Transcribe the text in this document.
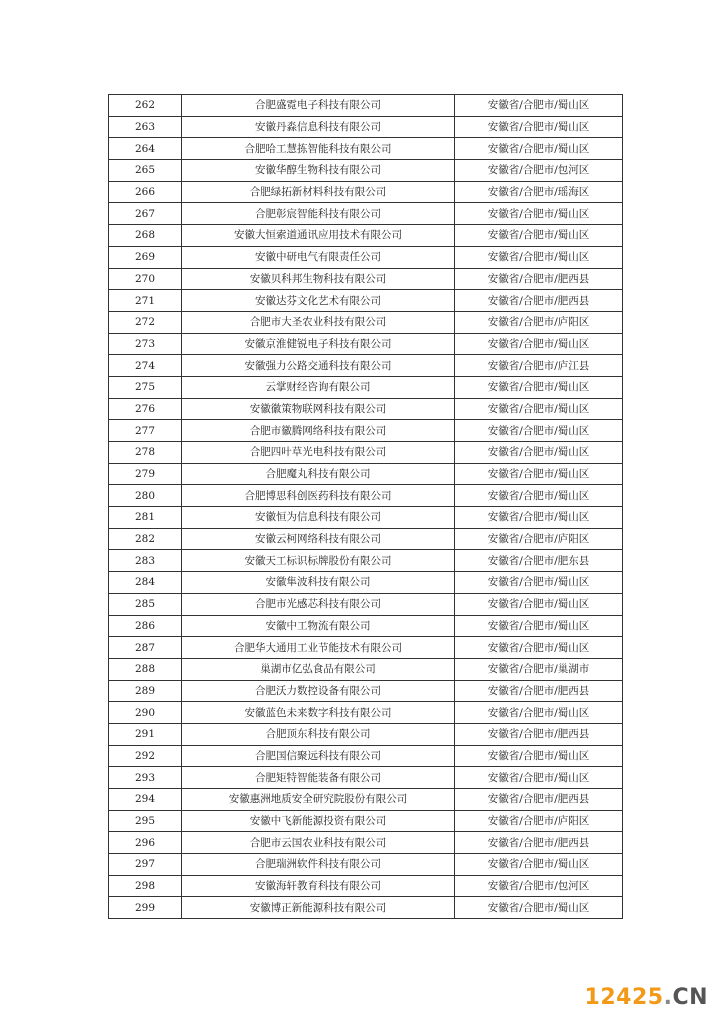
262	合肥盛霓电子科技有限公司	安徽省/合肥市/蜀山区
263	安徽丹淼信息科技有限公司	安徽省/合肥市/蜀山区
264	合肥哈工慧拣智能科技有限公司	安徽省/合肥市/蜀山区
265	安徽华醇生物科技有限公司	安徽省/合肥市/包河区
266	合肥绿拓新材料科技有限公司	安徽省/合肥市/瑶海区
267	合肥彰宸智能科技有限公司	安徽省/合肥市/蜀山区
268	安徽大恒索道通讯应用技术有限公司	安徽省/合肥市/蜀山区
269	安徽中研电气有限责任公司	安徽省/合肥市/蜀山区
270	安徽贝科邦生物科技有限公司	安徽省/合肥市/肥西县
271	安徽达芬文化艺术有限公司	安徽省/合肥市/肥西县
272	合肥市大圣农业科技有限公司	安徽省/合肥市/庐阳区
273	安徽京淮健锐电子科技有限公司	安徽省/合肥市/蜀山区
274	安徽强力公路交通科技有限公司	安徽省/合肥市/庐江县
275	云掌财经咨询有限公司	安徽省/合肥市/蜀山区
276	安徽徽策物联网科技有限公司	安徽省/合肥市/蜀山区
277	合肥市徽腾网络科技有限公司	安徽省/合肥市/蜀山区
278	合肥四叶草光电科技有限公司	安徽省/合肥市/蜀山区
279	合肥魔丸科技有限公司	安徽省/合肥市/蜀山区
280	合肥博思科创医药科技有限公司	安徽省/合肥市/蜀山区
281	安徽恒为信息科技有限公司	安徽省/合肥市/蜀山区
282	安徽云柯网络科技有限公司	安徽省/合肥市/庐阳区
283	安徽天工标识标牌股份有限公司	安徽省/合肥市/肥东县
284	安徽隼波科技有限公司	安徽省/合肥市/蜀山区
285	合肥市光感芯科技有限公司	安徽省/合肥市/蜀山区
286	安徽中工物流有限公司	安徽省/合肥市/蜀山区
287	合肥华大通用工业节能技术有限公司	安徽省/合肥市/蜀山区
288	巢湖市亿弘食品有限公司	安徽省/合肥市/巢湖市
289	合肥沃力数控设备有限公司	安徽省/合肥市/肥西县
290	安徽蓝色未来数字科技有限公司	安徽省/合肥市/蜀山区
291	合肥顶东科技有限公司	安徽省/合肥市/肥西县
292	合肥国信聚远科技有限公司	安徽省/合肥市/蜀山区
293	合肥矩特智能装备有限公司	安徽省/合肥市/蜀山区
294	安徽惠洲地质安全研究院股份有限公司	安徽省/合肥市/肥西县
295	安徽中飞新能源投资有限公司	安徽省/合肥市/庐阳区
296	合肥市云国农业科技有限公司	安徽省/合肥市/肥西县
297	合肥瑞洲软件科技有限公司	安徽省/合肥市/蜀山区
298	安徽海轩教育科技有限公司	安徽省/合肥市/包河区
299	安徽博正新能源科技有限公司	安徽省/合肥市/蜀山区
12425.CN
